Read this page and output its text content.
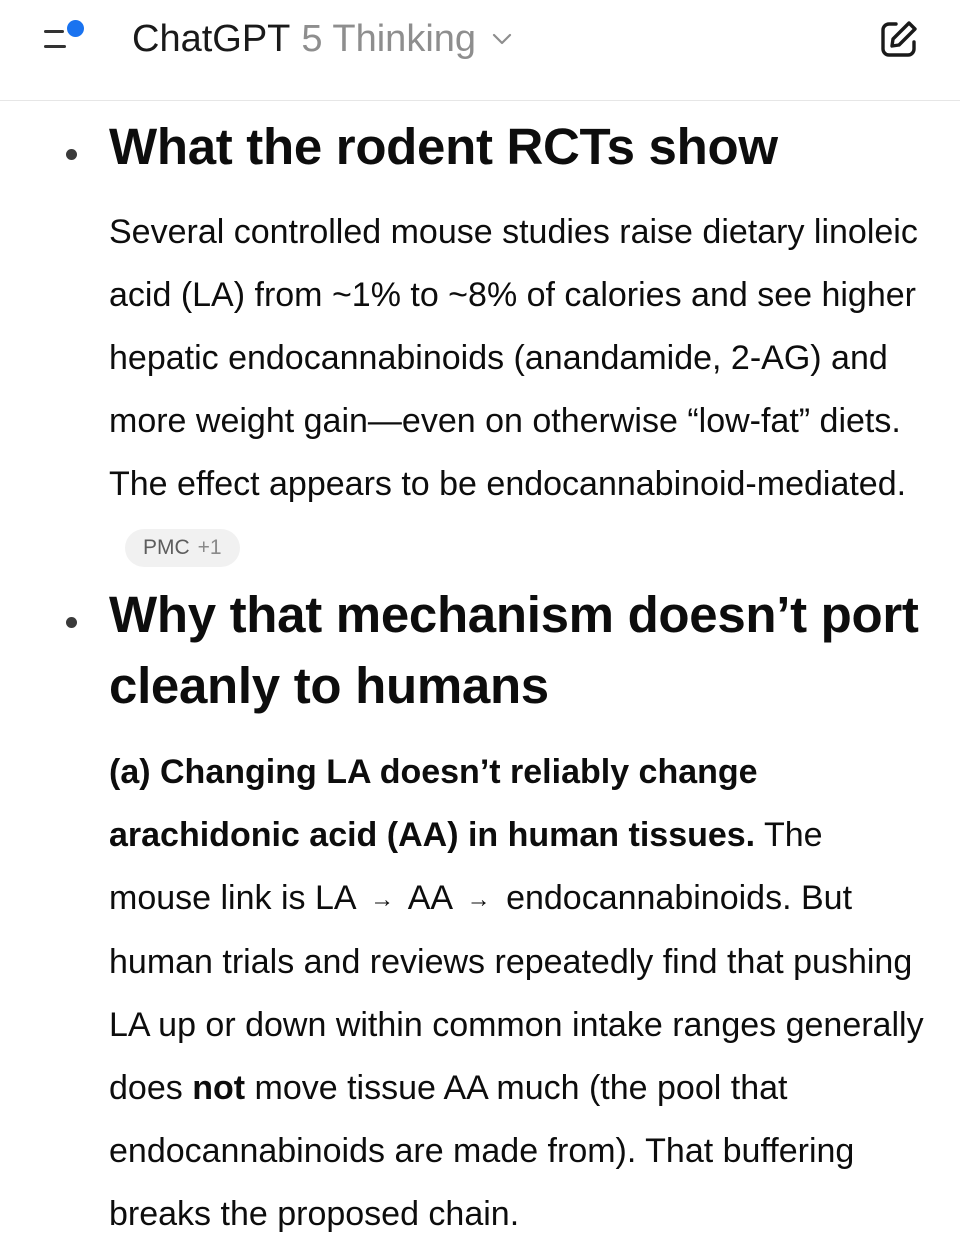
ChatGPT 5 Thinking
What the rodent RCTs show
Several controlled mouse studies raise dietary linoleic acid (LA) from ~1% to ~8% of calories and see higher hepatic endocannabinoids (anandamide, 2-AG) and more weight gain—even on otherwise “low-fat” diets. The effect appears to be endocannabinoid-mediated.PMC +1
Why that mechanism doesn’t port cleanly to humans
(a) Changing LA doesn’t reliably change arachidonic acid (AA) in human tissues. The mouse link is LA → AA → endocannabinoids. But human trials and reviews repeatedly find that pushing LA up or down within common intake ranges generally does not move tissue AA much (the pool that endocannabinoids are made from). That buffering breaks the proposed chain.
